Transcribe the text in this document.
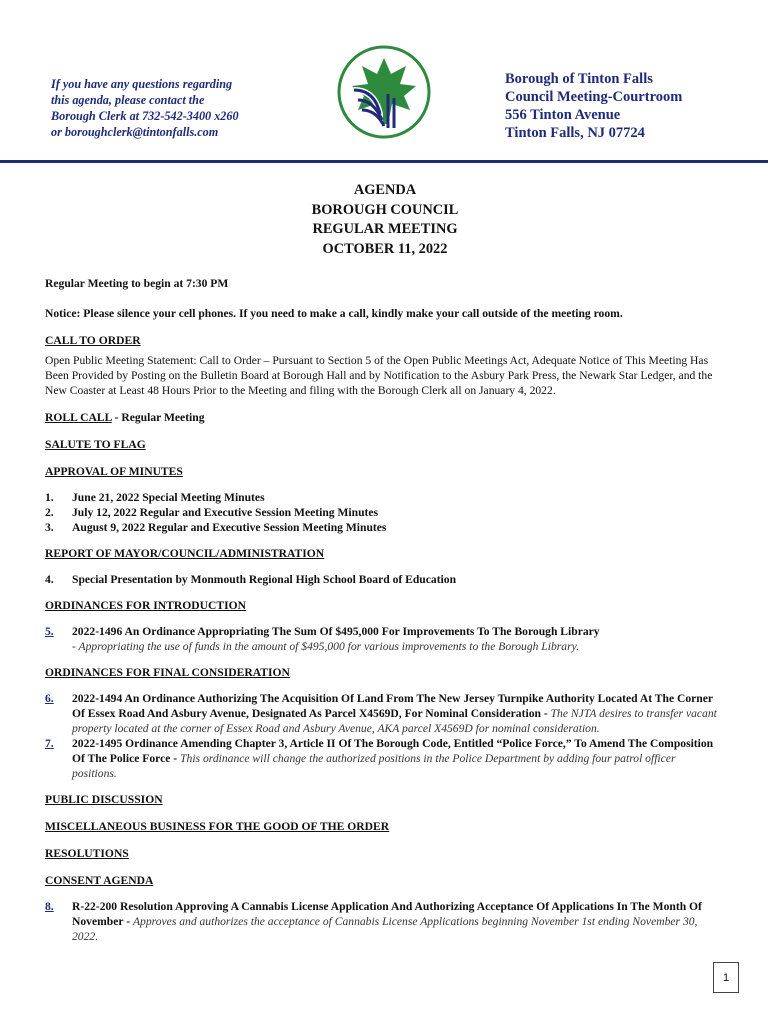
If you have any questions regarding
this agenda, please contact the
Borough Clerk at 732-542-3400 x260
or boroughclerk@tintonfalls.com
Borough of Tinton Falls
Council Meeting-Courtroom
556 Tinton Avenue
Tinton Falls, NJ 07724
AGENDA
BOROUGH COUNCIL
REGULAR MEETING
OCTOBER 11, 2022

Regular Meeting to begin at 7:30 PM

Notice: Please silence your cell phones. If you need to make a call, kindly make your call outside of the meeting room.

CALL TO ORDER

Open Public Meeting Statement: Call to Order – Pursuant to Section 5 of the Open Public Meetings Act, Adequate Notice of This Meeting Has Been Provided by Posting on the Bulletin Board at Borough Hall and by Notification to the Asbury Park Press, the Newark Star Ledger, and the New Coaster at Least 48 Hours Prior to the Meeting and filing with the Borough Clerk all on January 4, 2022.

ROLL CALL - Regular Meeting

SALUTE TO FLAG

APPROVAL OF MINUTES

1.	June 21, 2022 Special Meeting Minutes
2.	July 12, 2022 Regular and Executive Session Meeting Minutes
3.	August 9, 2022 Regular and Executive Session Meeting Minutes

REPORT OF MAYOR/COUNCIL/ADMINISTRATION

4.	Special Presentation by Monmouth Regional High School Board of Education

ORDINANCES FOR INTRODUCTION

5.	2022-1496 An Ordinance Appropriating The Sum Of $495,000 For Improvements To The Borough Library
- Appropriating the use of funds in the amount of $495,000 for various improvements to the Borough Library.

ORDINANCES FOR FINAL CONSIDERATION

6.	2022-1494 An Ordinance Authorizing The Acquisition Of Land From The New Jersey Turnpike Authority Located At The Corner Of Essex Road And Asbury Avenue, Designated As Parcel X4569D, For Nominal Consideration - The NJTA desires to transfer vacant property located at the corner of Essex Road and Asbury Avenue, AKA parcel X4569D for nominal consideration.
7.	2022-1495 Ordinance Amending Chapter 3, Article II Of The Borough Code, Entitled “Police Force,” To Amend The Composition Of The Police Force - This ordinance will change the authorized positions in the Police Department by adding four patrol officer positions.

PUBLIC DISCUSSION

MISCELLANEOUS BUSINESS FOR THE GOOD OF THE ORDER

RESOLUTIONS

CONSENT AGENDA

8.	R-22-200 Resolution Approving A Cannabis License Application And Authorizing Acceptance Of Applications In The Month Of November - Approves and authorizes the acceptance of Cannabis License Applications beginning November 1st ending November 30, 2022.
1
